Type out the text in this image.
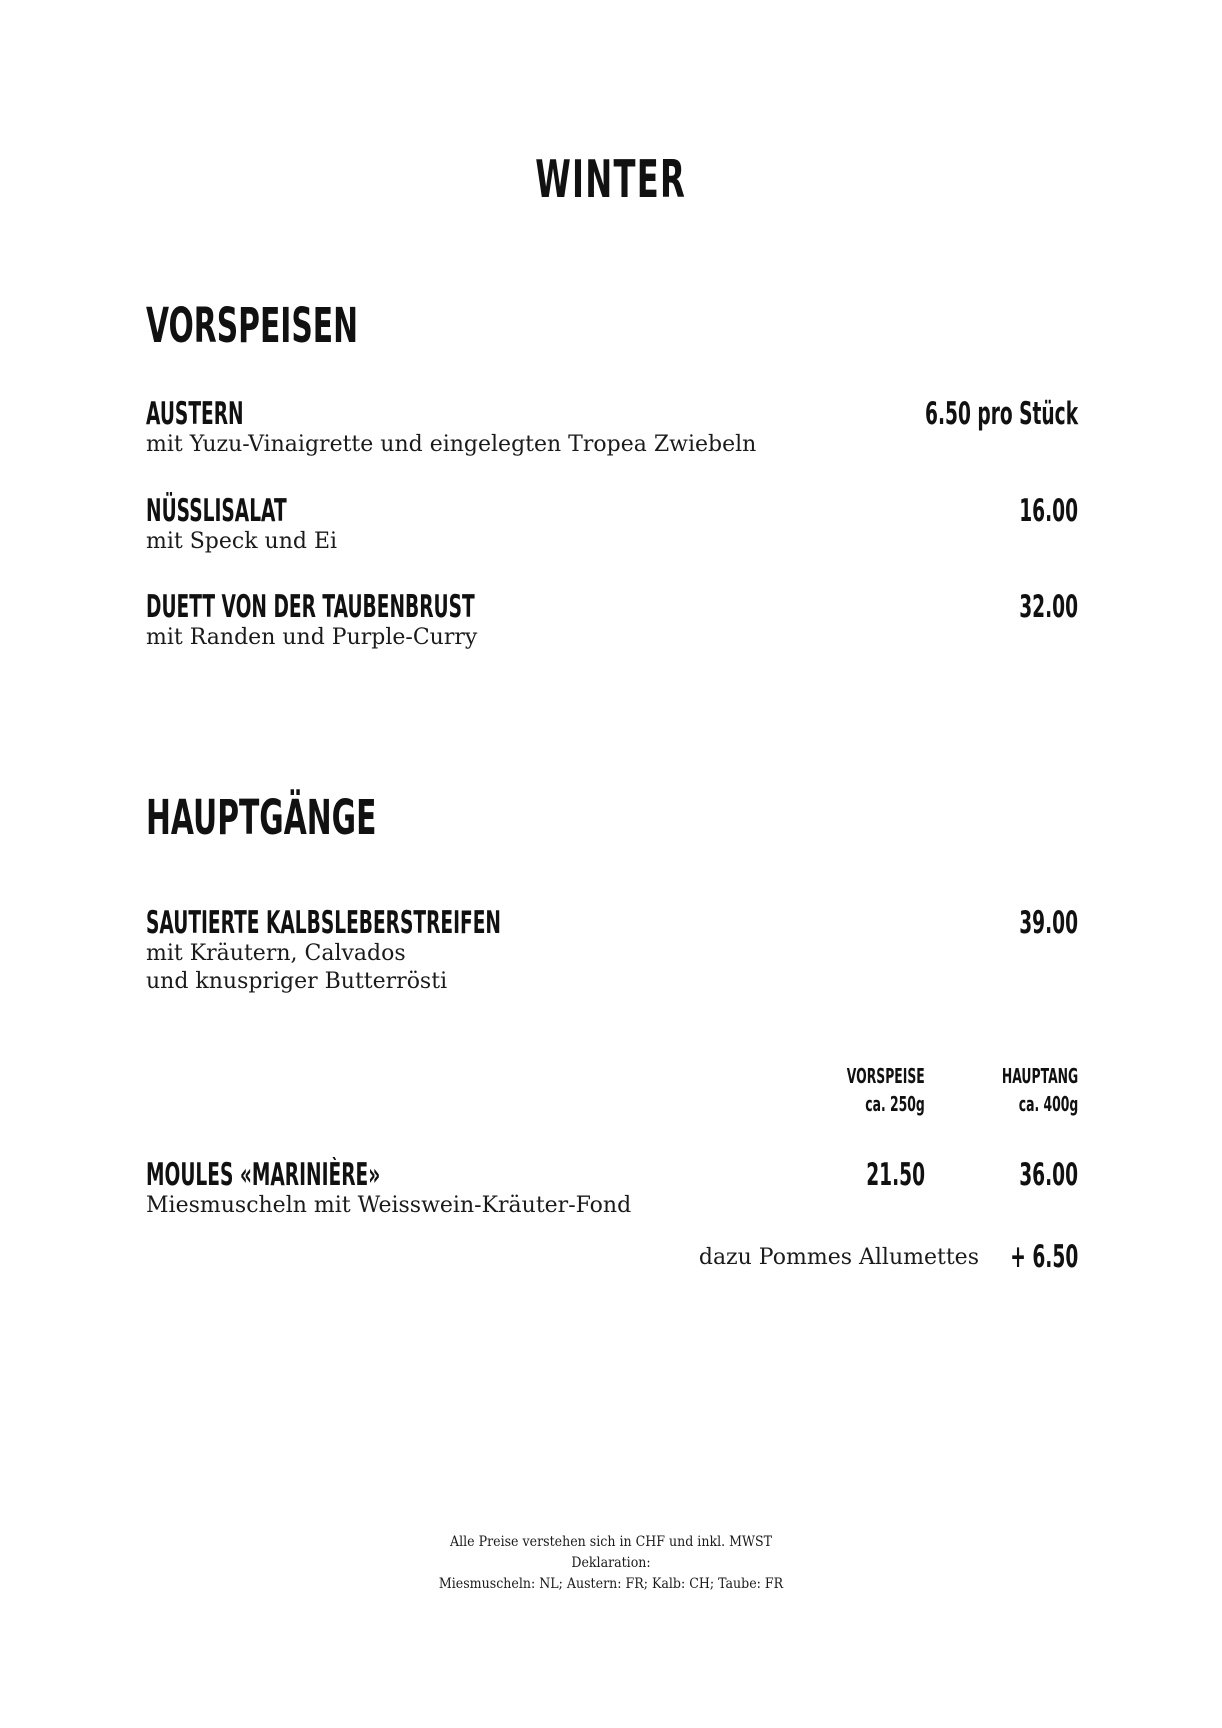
WINTER
VORSPEISEN
AUSTERN
mit Yuzu-Vinaigrette und eingelegten Tropea Zwiebeln
6.50 pro Stück
NÜSSLISALAT
mit Speck und Ei
16.00
DUETT VON DER TAUBENBRUST
mit Randen und Purple-Curry
32.00
HAUPTGÄNGE
SAUTIERTE KALBSLEBERSTREIFEN
mit Kräutern, Calvados
und knuspriger Butterrösti
39.00
VORSPEISE
ca. 250g
HAUPTANG
ca. 400g
MOULES «MARINIÈRE»
Miesmuscheln mit Weisswein-Kräuter-Fond
21.50	36.00
dazu Pommes Allumettes	+ 6.50
Alle Preise verstehen sich in CHF und inkl. MWST
Deklaration:
Miesmuscheln: NL; Austern: FR; Kalb: CH; Taube: FR
